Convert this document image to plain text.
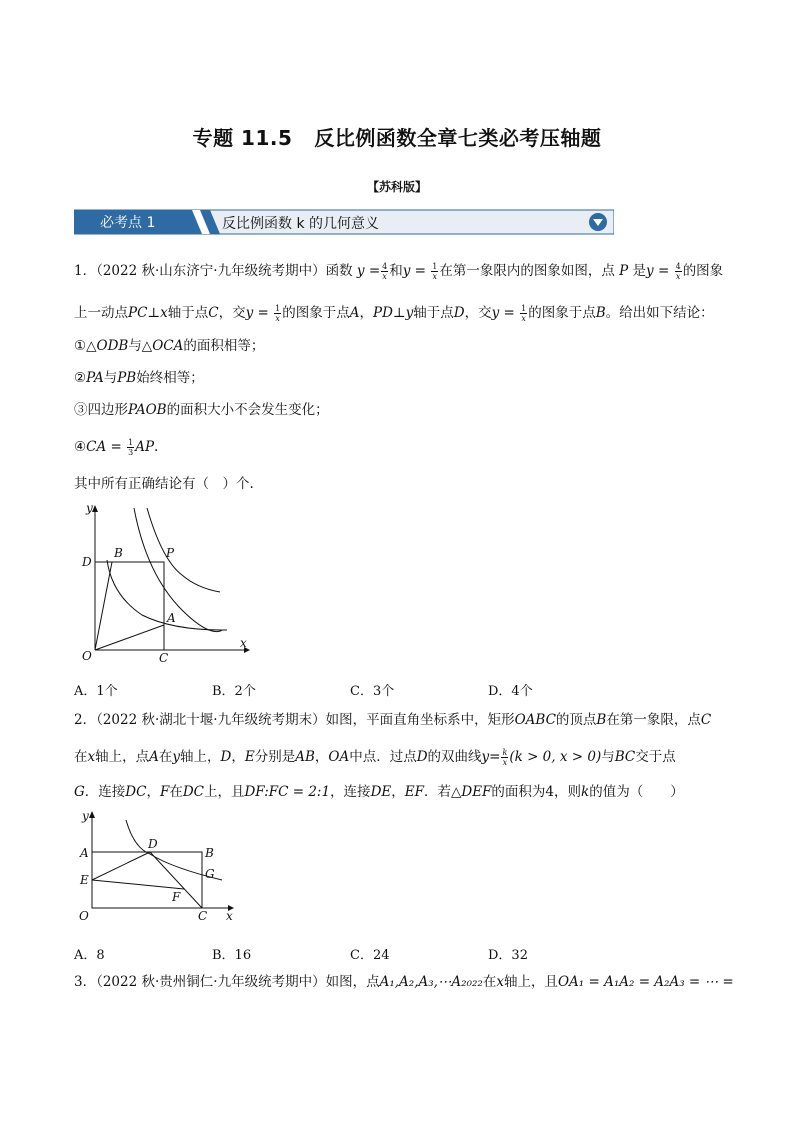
专题 11.5 反比例函数全章七类必考压轴题
【苏科版】
必考点 1	反比例函数 k 的几何意义
1．（2022 秋·山东济宁·九年级统考期中）函数 $y = \frac{4}{x}$ 和$y = \frac{1}{x}$ 在第一象限内的图象如图，点 P 是$y = \frac{4}{x}$ 的图象
上一动点PC⊥x轴于点C，交$y = \frac{1}{x}$ 的图象于点A，PD⊥y轴于点D，交$y = \frac{1}{x}$ 的图象于点B。给出如下结论：
①△ODB与△OCA的面积相等；
②PA与PB始终相等；
③四边形PAOB的面积大小不会发生变化；
④CA = $\frac{1}{3}$ AP.
其中所有正确结论有（　）个.
y
x
O
D
B	P
A
C
A．1个	B．2个	C．3个	D．4个
2．（2022 秋·湖北十堰·九年级统考期末）如图，平面直角坐标系中，矩形OABC的顶点B在第一象限，点C
在x轴上，点A在y轴上，D，E分别是AB，OA中点．过点D的双曲线$y= \frac{k}{x} (k > 0$, x > 0)与BC交于点
G．连接DC，F在DC上，且DF:FC = 2:1，连接DE，EF．若△DEF的面积为4，则k的值为（　　）
y
x
O
A
D
B
E	G
F
C
A．8	B．16	C．24	D．32
3．（2022 秋·贵州铜仁·九年级统考期中）如图，点A₁,A₂,A₃,⋯A₂₀₂₂在x轴上，且OA₁ = A₁A₂ = A₂A₃ = ⋯ =
